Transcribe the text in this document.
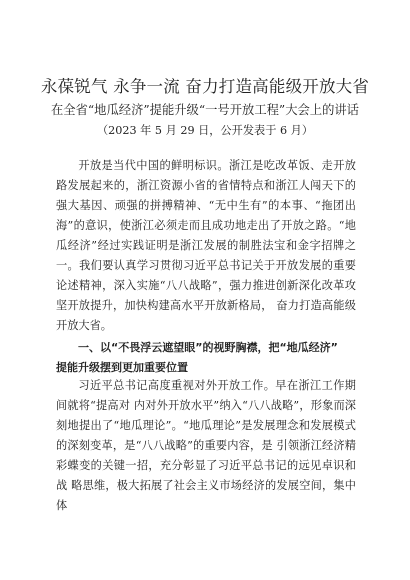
永葆锐气 永争一流 奋力打造高能级开放大省
在全省“地瓜经济”提能升级“一号开放工程”大会上的讲话
（2023 年 5 月 29 日，公开发表于 6 月）

开放是当代中国的鲜明标识。浙江是吃改革饭、走开放路发展起来的，浙江资源小省的省情特点和浙江人闯天下的强大基因、顽强的拼搏精神、“无中生有”的本事、“拖团出海”的意识，使浙江必须走而且成功地走出了开放之路。“地瓜经济”经过实践证明是浙江发展的制胜法宝和金字招牌之一。我们要认真学习贯彻习近平总书记关于开放发展的重要论述精神，深入实施“八八战略”，强力推进创新深化改革攻坚开放提升，加快构建高水平开放新格局， 奋力打造高能级开放大省。

一、以“不畏浮云遮望眼”的视野胸襟，把“地瓜经济”
提能升级摆到更加重要位置

习近平总书记高度重视对外开放工作。早在浙江工作期间就将“提高对 内对外开放水平”纳入“八八战略”，形象而深刻地提出了“地瓜理论”。“地瓜理论”是发展理念和发展模式的深刻变革，是“八八战略”的重要内容，是 引领浙江经济精彩蝶变的关键一招，充分彰显了习近平总书记的远见卓识和战 略思维，极大拓展了社会主义市场经济的发展空间，集中体
